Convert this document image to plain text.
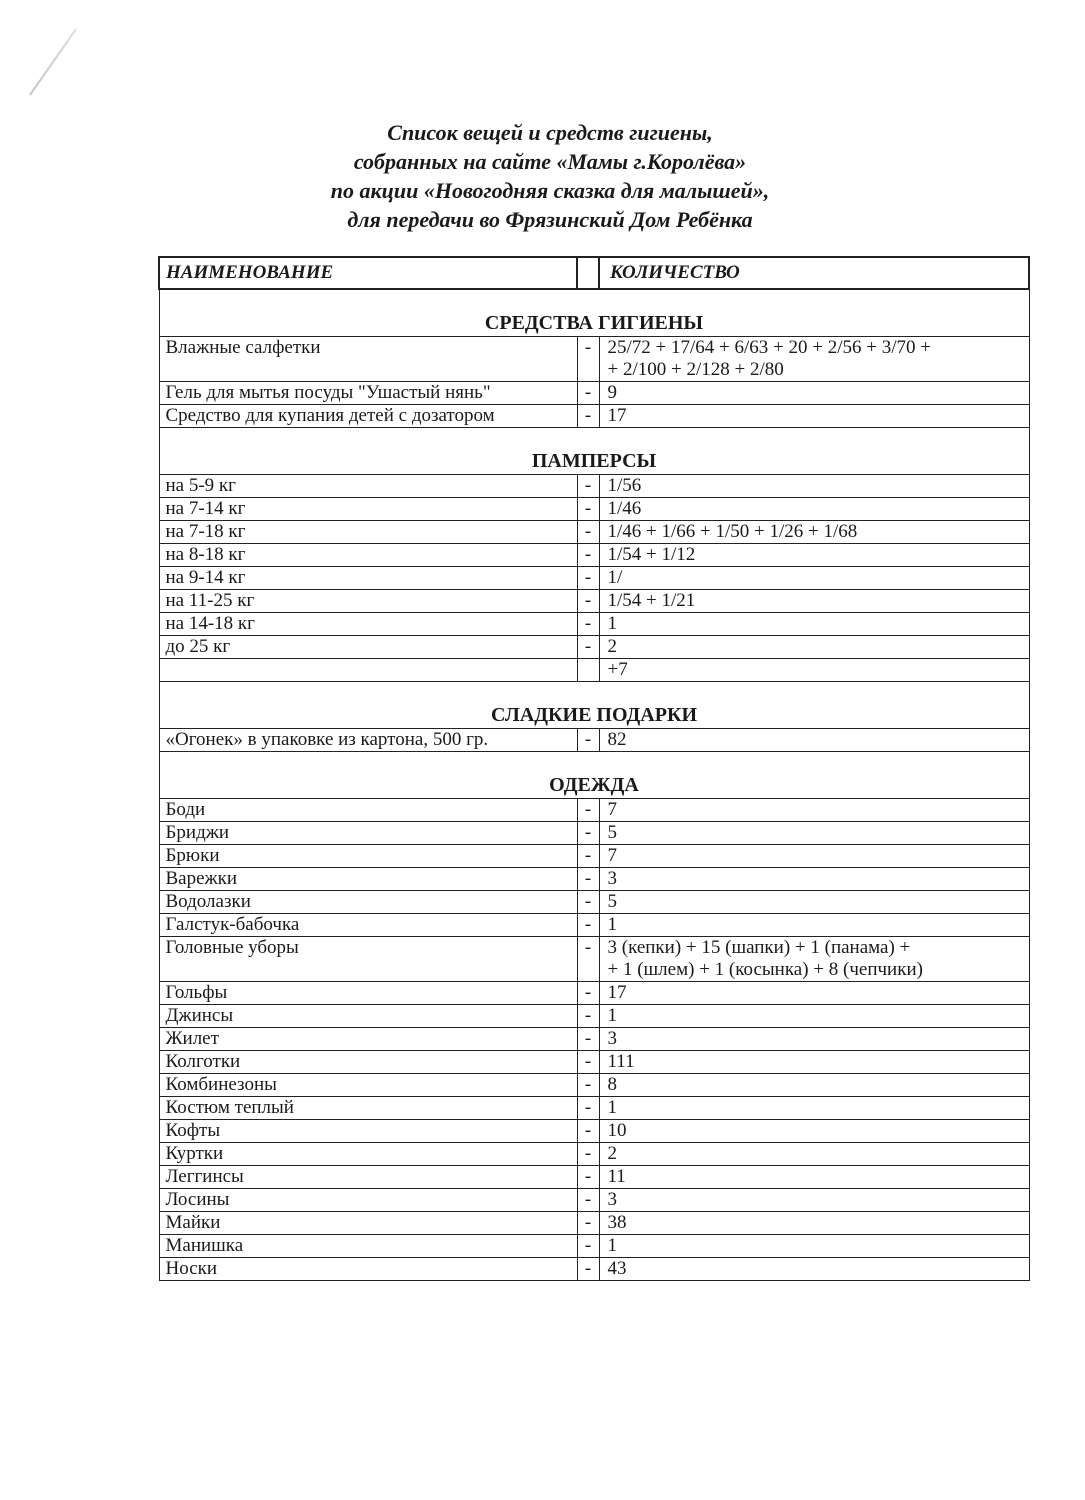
Список вещей и средств гигиены,
собранных на сайте «Мамы г.Королёва»
по акции «Новогодняя сказка для малышей»,
для передачи во Фрязинский Дом Ребёнка
НАИМЕНОВАНИЕ		КОЛИЧЕСТВО
СРЕДСТВА ГИГИЕНЫ		
Влажные салфетки	-	25/72 + 17/64 + 6/63 + 20 + 2/56 + 3/70 +
+ 2/100 + 2/128 + 2/80

Гель для мытья посуды "Ушастый нянь"	-	9

Средство для купания детей с дозатором	-	17

ПАМПЕРСЫ		
на 5-9 кг	-	1/56

на 7-14 кг	-	1/46

на 7-18 кг	-	1/46 + 1/66 + 1/50 + 1/26 + 1/68

на 8-18 кг	-	1/54 + 1/12

на 9-14 кг	-	1/

на 11-25 кг	-	1/54 + 1/21

на 14-18 кг	-	1

до 25 кг	-	2

		+7

СЛАДКИЕ ПОДАРКИ		
«Огонек» в упаковке из картона, 500 гр.	-	82

ОДЕЖДА		
Боди	-	7

Бриджи	-	5

Брюки	-	7

Варежки	-	3

Водолазки	-	5

Галстук-бабочка	-	1

Головные уборы	-	3 (кепки) + 15 (шапки) + 1 (панама) +
+ 1 (шлем) + 1 (косынка) + 8 (чепчики)

Гольфы	-	17

Джинсы	-	1

Жилет	-	3

Колготки	-	111

Комбинезоны	-	8

Костюм теплый	-	1

Кофты	-	10

Куртки	-	2

Леггинсы	-	11

Лосины	-	3

Майки	-	38

Манишка	-	1

Носки	-	43
